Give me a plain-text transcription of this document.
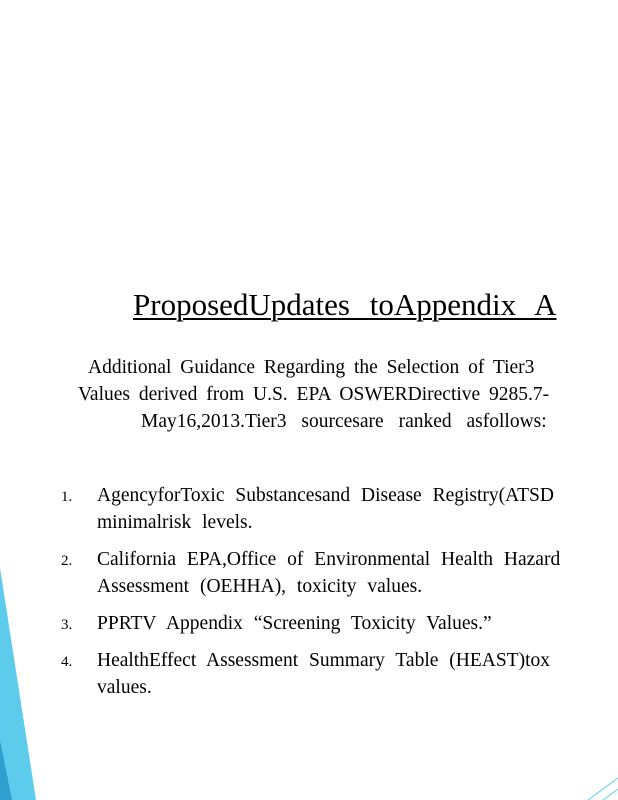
ProposedUpdates toAppendix A
Additional Guidance Regarding the Selection of Tier3
Values derived from U.S. EPA OSWERDirective 9285.7-
May16,2013.Tier3 sourcesare ranked asfollows:
1. AgencyforToxic Substancesand Disease Registry(ATSD
minimalrisk levels.
2. California EPA,Office of Environmental Health Hazard
Assessment (OEHHA), toxicity values.
3. PPRTV Appendix “Screening Toxicity Values.”
4. HealthEffect Assessment Summary Table (HEAST)tox
values.
